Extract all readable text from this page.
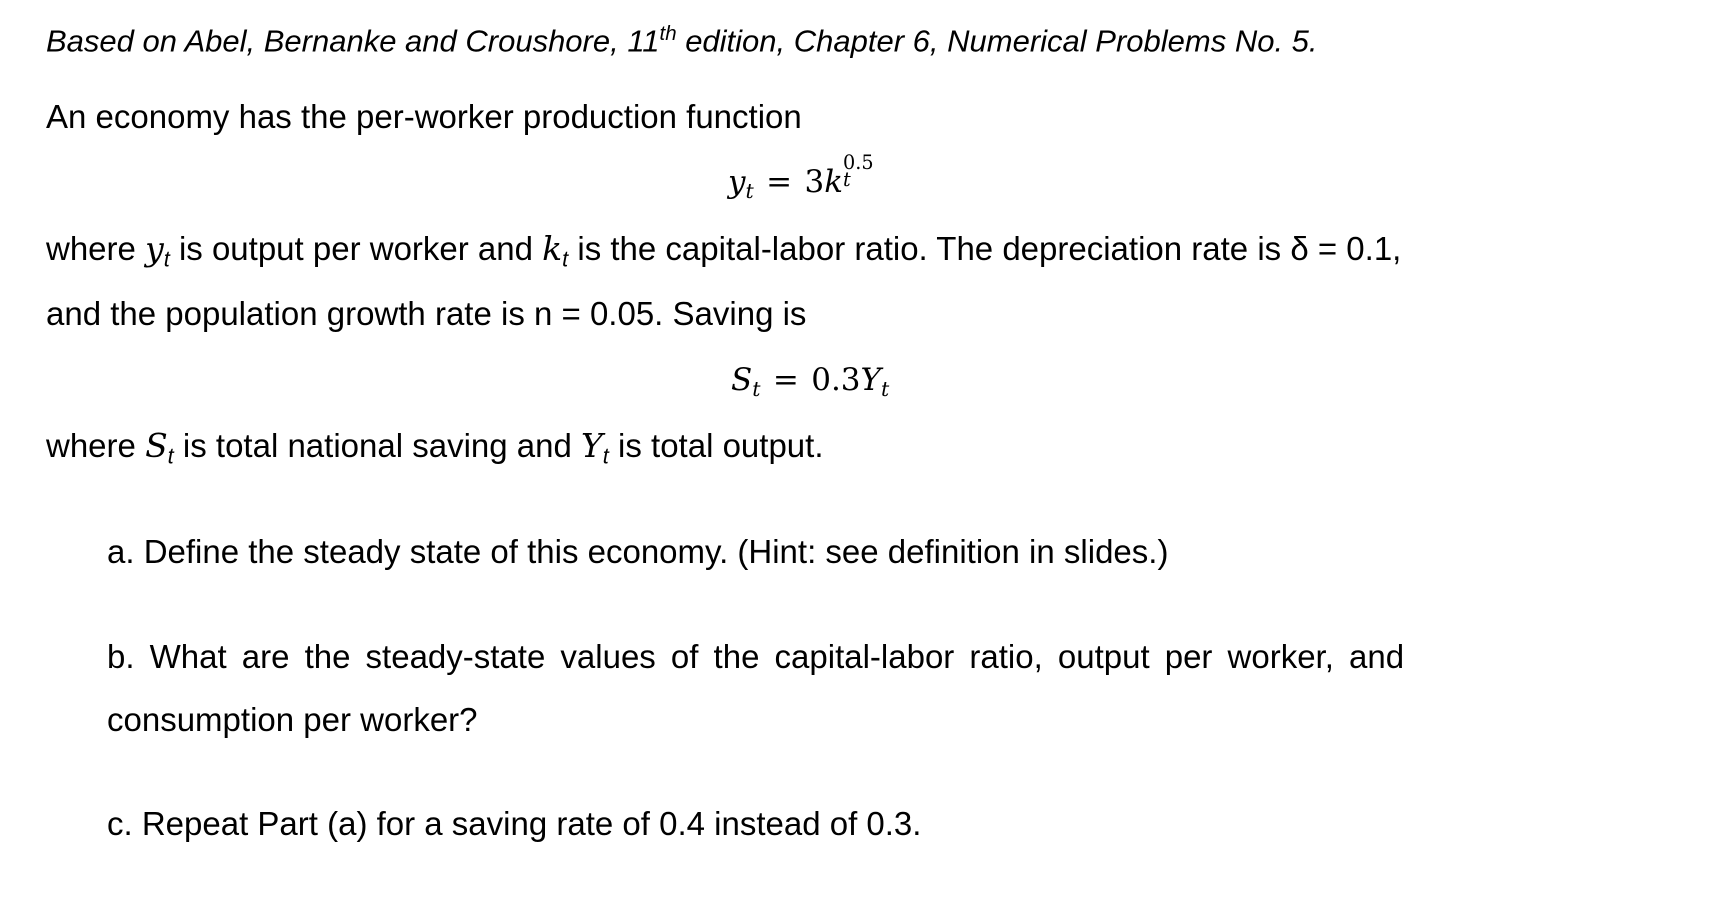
Based on Abel, Bernanke and Croushore, 11th edition, Chapter 6, Numerical Problems No. 5.
An economy has the per-worker production function
$y_t = 3k$
0.5
t
where $y_t$ is output per worker and $k_t$ is the capital-labor ratio. The depreciation rate is δ = 0.1,
and the population growth rate is n = 0.05. Saving is
$S_t = 0.3Y_t$
where $S_t$ is total national saving and $Y_t$ is total output.
a. Define the steady state of this economy. (Hint: see definition in slides.)
b. What are the steady-state values of the capital-labor ratio, output per worker, and
consumption per worker?
c. Repeat Part (a) for a saving rate of 0.4 instead of 0.3.
